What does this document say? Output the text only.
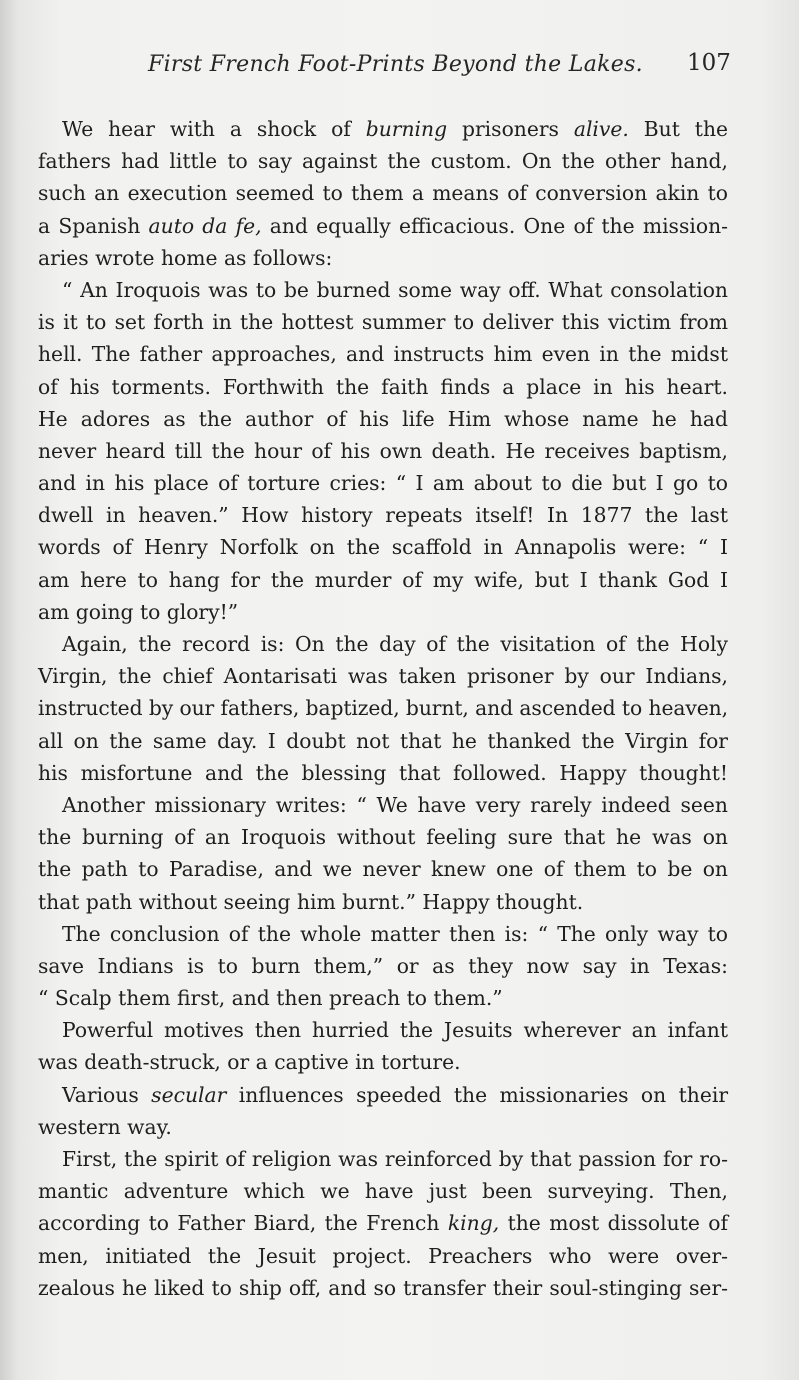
First French Foot-Prints Beyond the Lakes. 107
We hear with a shock of burning prisoners alive. But the
fathers had little to say against the custom. On the other hand,
such an execution seemed to them a means of conversion akin to
a Spanish auto da fe, and equally efficacious. One of the mission-
aries wrote home as follows:
“ An Iroquois was to be burned some way off. What consolation
is it to set forth in the hottest summer to deliver this victim from
hell. The father approaches, and instructs him even in the midst
of his torments. Forthwith the faith finds a place in his heart.
He adores as the author of his life Him whose name he had
never heard till the hour of his own death. He receives baptism,
and in his place of torture cries: “ I am about to die but I go to
dwell in heaven.” How history repeats itself! In 1877 the last
words of Henry Norfolk on the scaffold in Annapolis were: “ I
am here to hang for the murder of my wife, but I thank God I
am going to glory!”
Again, the record is: On the day of the visitation of the Holy
Virgin, the chief Aontarisati was taken prisoner by our Indians,
instructed by our fathers, baptized, burnt, and ascended to heaven,
all on the same day. I doubt not that he thanked the Virgin for
his misfortune and the blessing that followed. Happy thought!
Another missionary writes: “ We have very rarely indeed seen
the burning of an Iroquois without feeling sure that he was on
the path to Paradise, and we never knew one of them to be on
that path without seeing him burnt.” Happy thought.
The conclusion of the whole matter then is: “ The only way to
save Indians is to burn them,” or as they now say in Texas:
“ Scalp them first, and then preach to them.”
Powerful motives then hurried the Jesuits wherever an infant
was death-struck, or a captive in torture.
Various secular influences speeded the missionaries on their
western way.
First, the spirit of religion was reinforced by that passion for ro-
mantic adventure which we have just been surveying. Then,
according to Father Biard, the French king, the most dissolute of
men, initiated the Jesuit project. Preachers who were over-
zealous he liked to ship off, and so transfer their soul-stinging ser-
